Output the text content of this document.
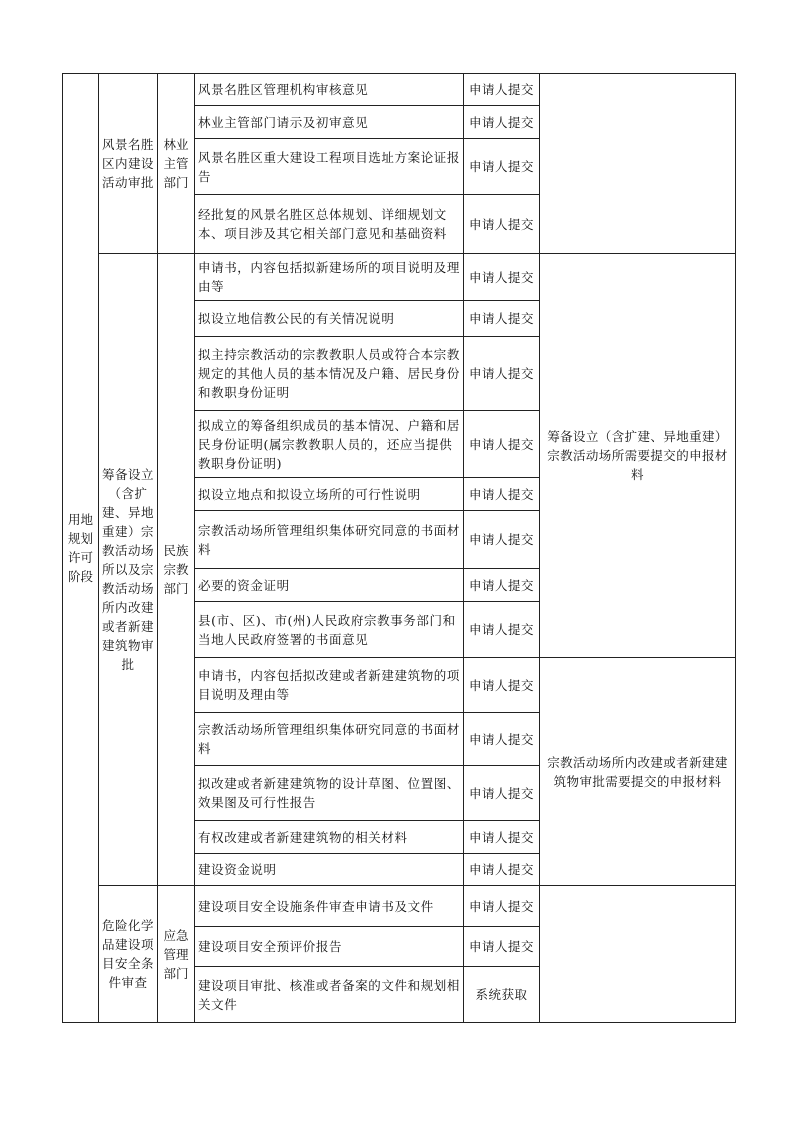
用地规划许可阶段	风景名胜区内建设活动审批	林业主管部门	风景名胜区管理机构审核意见	申请人提交	
			林业主管部门请示及初审意见	申请人提交	
			风景名胜区重大建设工程项目选址方案论证报告	申请人提交	
			经批复的风景名胜区总体规划、详细规划文本、项目涉及其它相关部门意见和基础资料	申请人提交	
	筹备设立（含扩建、异地重建）宗教活动场所以及宗教活动场所内改建或者新建建筑物审批	民族宗教部门	申请书，内容包括拟新建场所的项目说明及理由等	申请人提交	筹备设立（含扩建、异地重建）宗教活动场所需要提交的申报材料
			拟设立地信教公民的有关情况说明	申请人提交	
			拟主持宗教活动的宗教教职人员或符合本宗教规定的其他人员的基本情况及户籍、居民身份和教职身份证明	申请人提交	
			拟成立的筹备组织成员的基本情况、户籍和居民身份证明(属宗教教职人员的，还应当提供教职身份证明)	申请人提交	
			拟设立地点和拟设立场所的可行性说明	申请人提交	
			宗教活动场所管理组织集体研究同意的书面材料	申请人提交	
			必要的资金证明	申请人提交	
			县(市、区)、市(州)人民政府宗教事务部门和当地人民政府签署的书面意见	申请人提交	
			申请书，内容包括拟改建或者新建建筑物的项目说明及理由等	申请人提交	宗教活动场所内改建或者新建建筑物审批需要提交的申报材料
			宗教活动场所管理组织集体研究同意的书面材料	申请人提交	
			拟改建或者新建建筑物的设计草图、位置图、效果图及可行性报告	申请人提交	
			有权改建或者新建建筑物的相关材料	申请人提交	
			建设资金说明	申请人提交	
	危险化学品建设项目安全条件审查	应急管理部门	建设项目安全设施条件审查申请书及文件	申请人提交	
			建设项目安全预评价报告	申请人提交	
			建设项目审批、核准或者备案的文件和规划相关文件	系统获取	
